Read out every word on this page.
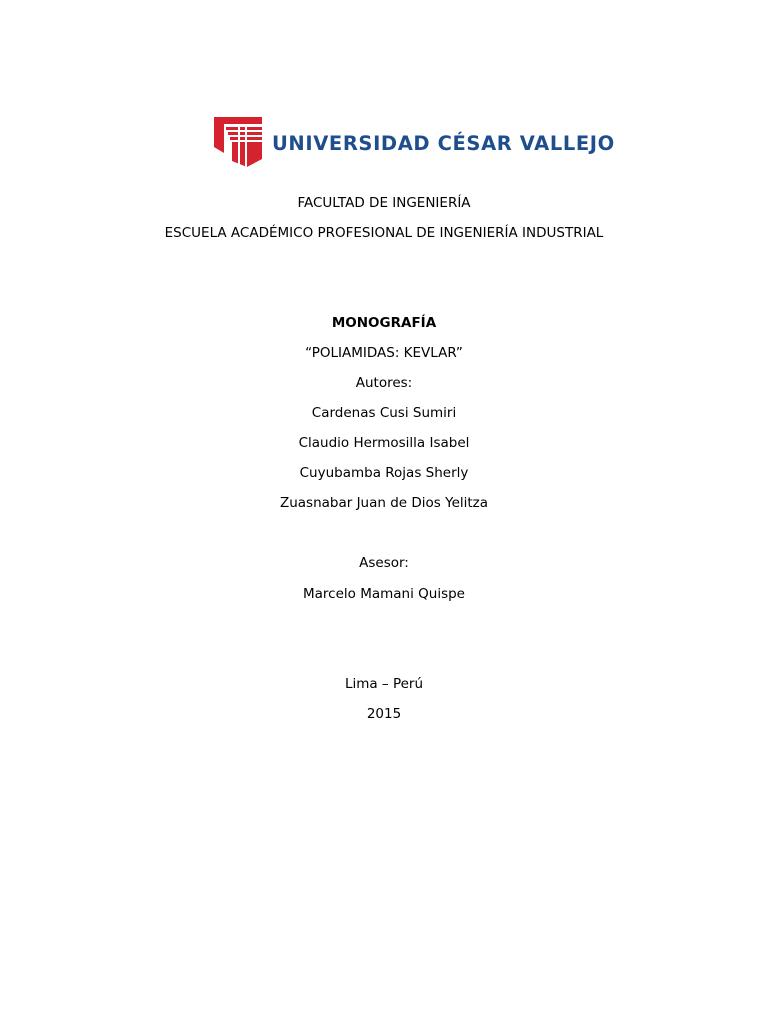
UNIVERSIDAD CÉSAR VALLEJO
FACULTAD DE INGENIERÍA
ESCUELA ACADÉMICO PROFESIONAL DE INGENIERÍA INDUSTRIAL
MONOGRAFÍA
“POLIAMIDAS: KEVLAR”
Autores:
Cardenas Cusi Sumiri
Claudio Hermosilla Isabel
Cuyubamba Rojas Sherly
Zuasnabar Juan de Dios Yelitza
Asesor:
Marcelo Mamani Quispe
Lima – Perú
2015
